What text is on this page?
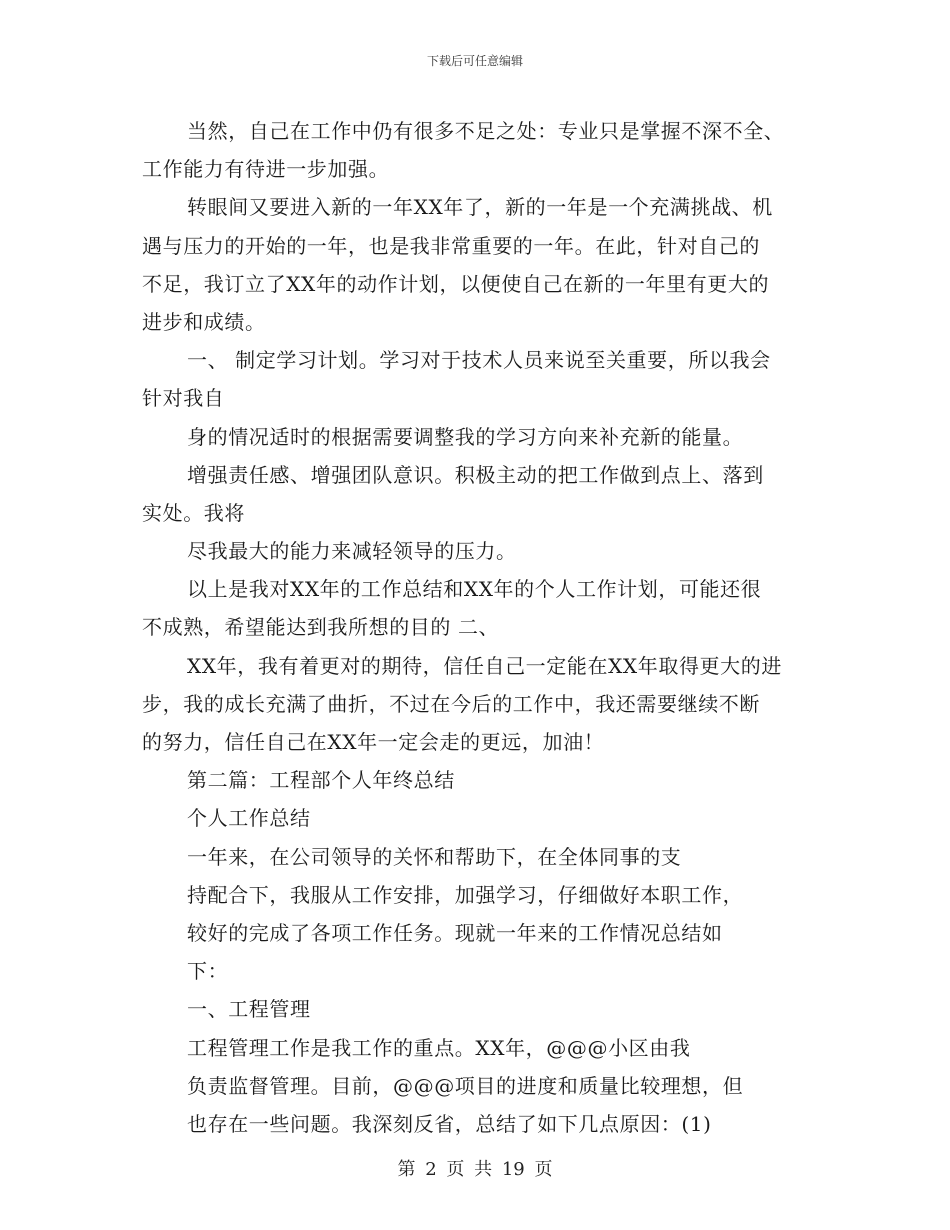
下载后可任意编辑

当然，自己在工作中仍有很多不足之处：专业只是掌握不深不全、

工作能力有待进一步加强。

转眼间又要进入新的一年XX年了，新的一年是一个充满挑战、机

遇与压力的开始的一年，也是我非常重要的一年。在此，针对自己的

不足，我订立了XX年的动作计划，以便使自己在新的一年里有更大的

进步和成绩。

一、 制定学习计划。学习对于技术人员来说至关重要，所以我会

针对我自

身的情况适时的根据需要调整我的学习方向来补充新的能量。

增强责任感、增强团队意识。积极主动的把工作做到点上、落到

实处。我将

尽我最大的能力来减轻领导的压力。

以上是我对XX年的工作总结和XX年的个人工作计划，可能还很

不成熟，希望能达到我所想的目的 二、

XX年，我有着更对的期待，信任自己一定能在XX年取得更大的进

步，我的成长充满了曲折，不过在今后的工作中，我还需要继续不断

的努力，信任自己在XX年一定会走的更远，加油！

第二篇：工程部个人年终总结

个人工作总结

一年来，在公司领导的关怀和帮助下，在全体同事的支

持配合下，我服从工作安排，加强学习，仔细做好本职工作，

较好的完成了各项工作任务。现就一年来的工作情况总结如

下：

一、工程管理

工程管理工作是我工作的重点。XX年，@@@小区由我

负责监督管理。目前，@@@项目的进度和质量比较理想，但

也存在一些问题。我深刻反省，总结了如下几点原因：(1)

第 2 页 共 19 页
